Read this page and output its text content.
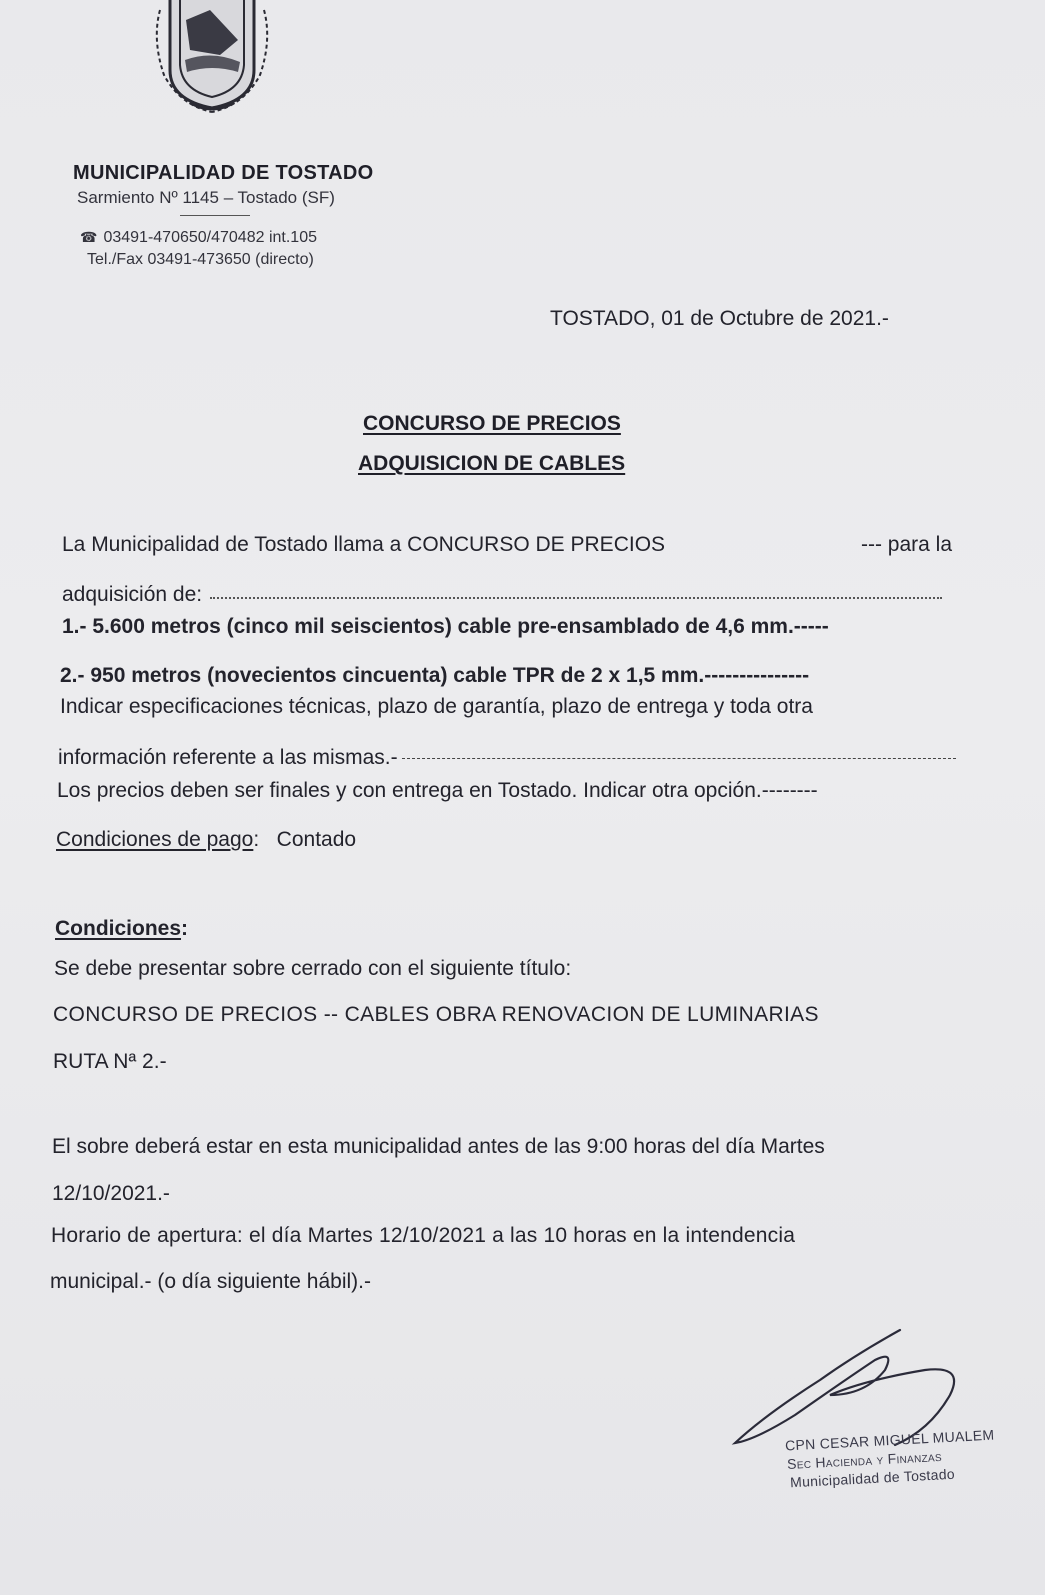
MUNICIPALIDAD DE TOSTADO
Sarmiento Nº 1145 – Tostado (SF)
☎ 03491-470650/470482 int.105
Tel./Fax 03491-473650 (directo)
TOSTADO, 01 de Octubre de 2021.-
CONCURSO DE PRECIOS
ADQUISICION DE CABLES
La Municipalidad de Tostado llama a CONCURSO DE PRECIOS	--- para la
adquisición de:
1.- 5.600 metros (cinco mil seiscientos) cable pre-ensamblado de 4,6 mm.-----
2.- 950 metros (novecientos cincuenta) cable TPR de 2 x 1,5 mm.---------------
Indicar especificaciones técnicas, plazo de garantía, plazo de entrega y toda otra
información referente a las mismas.-
Los precios deben ser finales y con entrega en Tostado. Indicar otra opción.--------
Condiciones de pago:   Contado
Condiciones:
Se debe presentar sobre cerrado con el siguiente título:
CONCURSO DE PRECIOS -- CABLES OBRA RENOVACION DE LUMINARIAS
RUTA Nª 2.-
El sobre deberá estar en esta municipalidad antes de las 9:00 horas del día Martes
12/10/2021.-
Horario de apertura: el día Martes 12/10/2021 a las 10 horas en la intendencia
municipal.- (o día siguiente hábil).-
CPN CESAR MIGUEL MUALEM
Sec Hacienda y Finanzas
Municipalidad de Tostado
